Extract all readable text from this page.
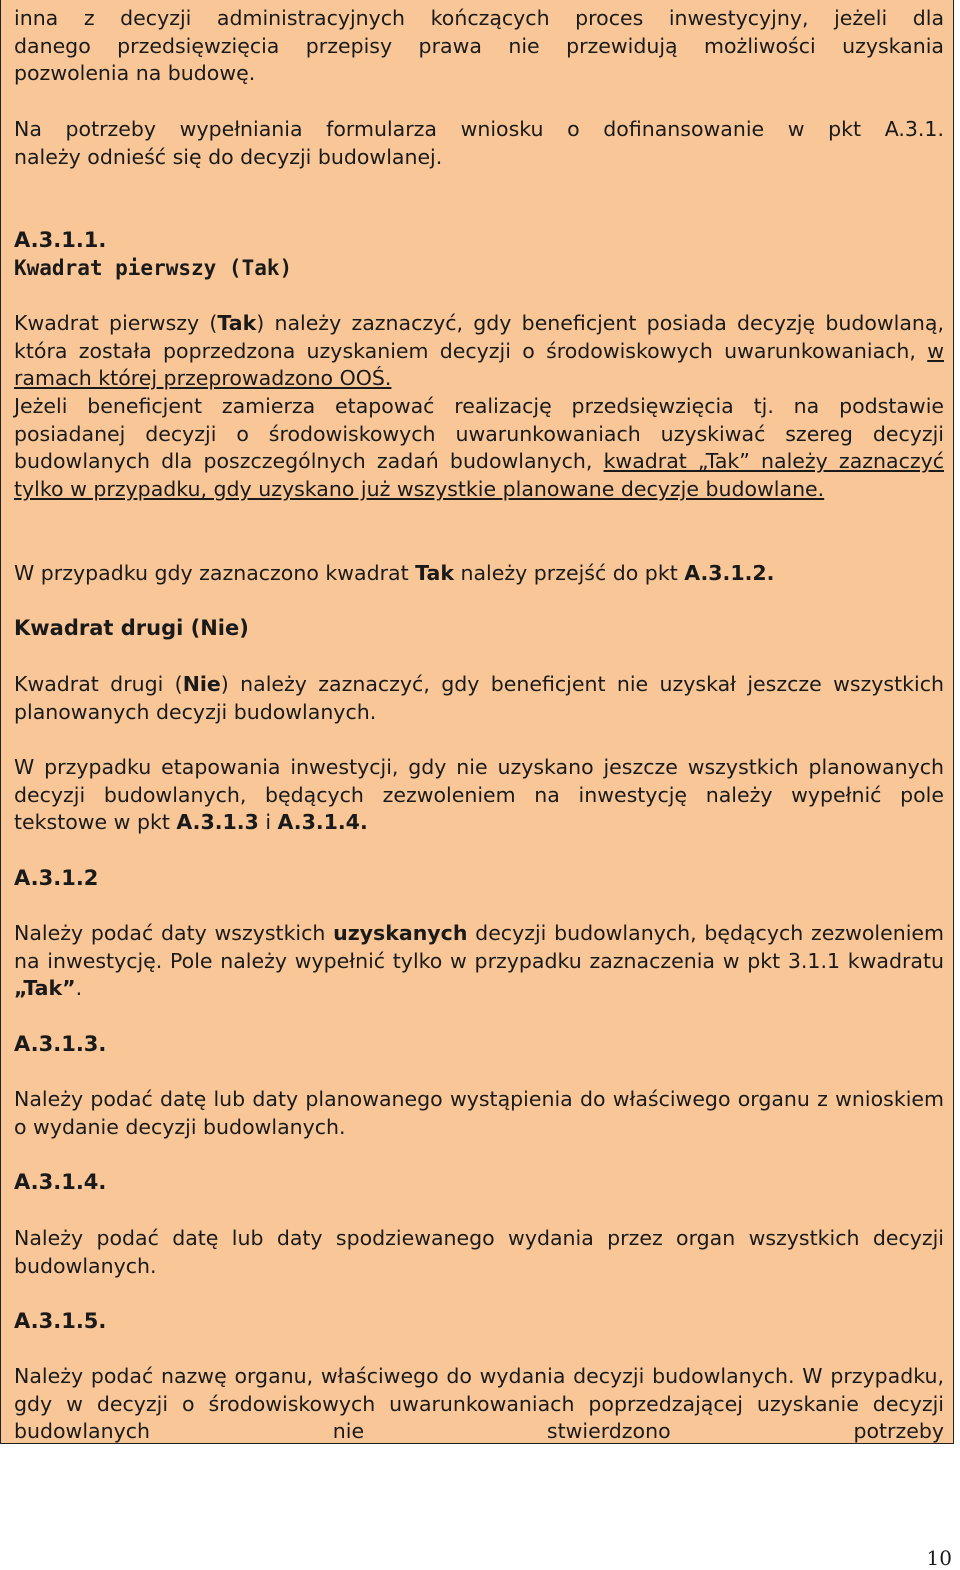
inna z decyzji administracyjnych kończących proces inwestycyjny, jeżeli dla

danego przedsięwzięcia przepisy prawa nie przewidują możliwości uzyskania

pozwolenia na budowę.

Na potrzeby wypełniania formularza wniosku o dofinansowanie w pkt A.3.1.

należy odnieść się do decyzji budowlanej.

A.3.1.1.

Kwadrat pierwszy (Tak)

Kwadrat pierwszy (Tak) należy zaznaczyć, gdy beneficjent posiada decyzję budowlaną, która została poprzedzona uzyskaniem decyzji o środowiskowych uwarunkowaniach, w ramach której przeprowadzono OOŚ.

Jeżeli beneficjent zamierza etapować realizację przedsięwzięcia tj. na podstawie posiadanej decyzji o środowiskowych uwarunkowaniach uzyskiwać szereg decyzji budowlanych dla poszczególnych zadań budowlanych, kwadrat „Tak” należy zaznaczyć tylko w przypadku, gdy uzyskano już wszystkie planowane decyzje budowlane.

W przypadku gdy zaznaczono kwadrat Tak należy przejść do pkt A.3.1.2.

Kwadrat drugi (Nie)

Kwadrat drugi (Nie) należy zaznaczyć, gdy beneficjent nie uzyskał jeszcze wszystkich planowanych decyzji budowlanych.

W przypadku etapowania inwestycji, gdy nie uzyskano jeszcze wszystkich planowanych decyzji budowlanych, będących zezwoleniem na inwestycję należy wypełnić pole tekstowe w pkt A.3.1.3 i A.3.1.4.

A.3.1.2

Należy podać daty wszystkich uzyskanych decyzji budowlanych, będących zezwoleniem na inwestycję. Pole należy wypełnić tylko w przypadku zaznaczenia w pkt 3.1.1 kwadratu „Tak”.

A.3.1.3.

Należy podać datę lub daty planowanego wystąpienia do właściwego organu z wnioskiem o wydanie decyzji budowlanych.

A.3.1.4.

Należy podać datę lub daty spodziewanego wydania przez organ wszystkich decyzji budowlanych.

A.3.1.5.

Należy podać nazwę organu, właściwego do wydania decyzji budowlanych. W przypadku, gdy w decyzji o środowiskowych uwarunkowaniach poprzedzającej uzyskanie decyzji budowlanych nie stwierdzono potrzeby

10
